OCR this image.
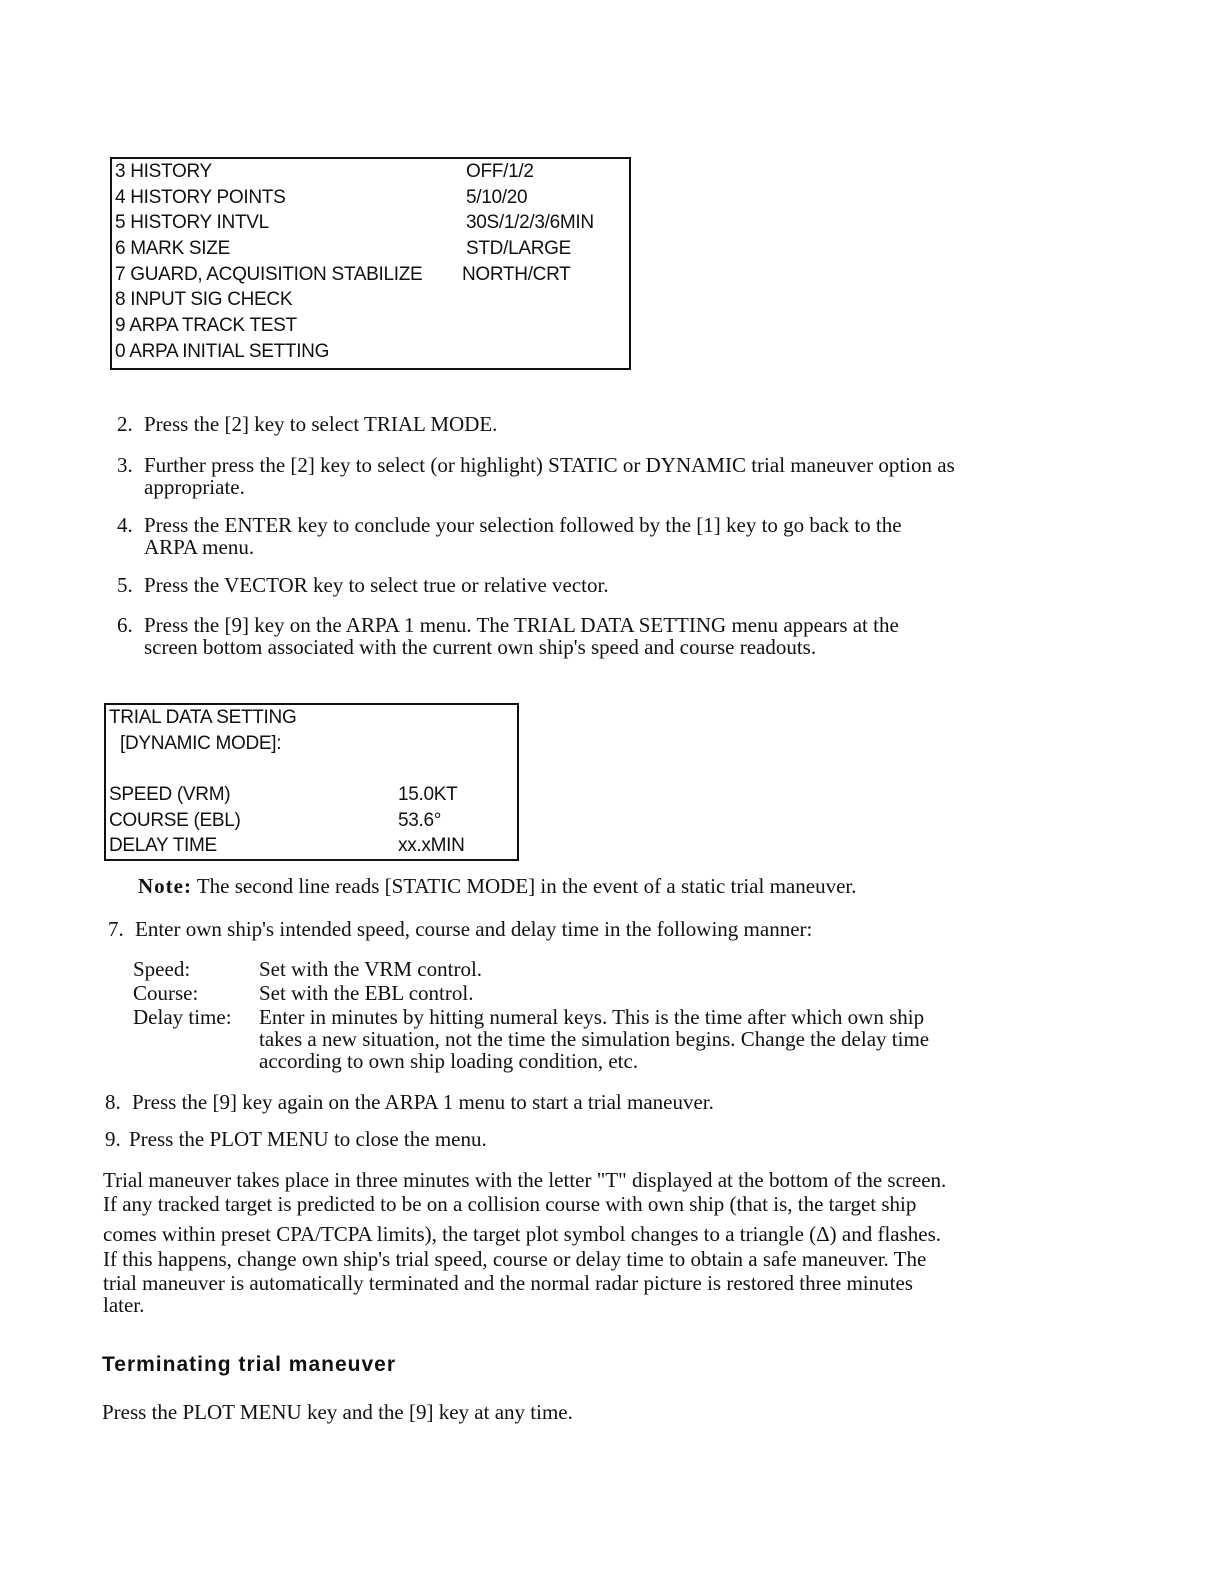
3 HISTORY	OFF/1/2
4 HISTORY POINTS	5/10/20
5 HISTORY INTVL	30S/1/2/3/6MIN
6 MARK SIZE	STD/LARGE
7 GUARD, ACQUISITION STABILIZE NORTH/CRT
8 INPUT SIG CHECK
9 ARPA TRACK TEST
0 ARPA INITIAL SETTING
2. Press the [2] key to select TRIAL MODE.
3. Further press the [2] key to select (or highlight) STATIC or DYNAMIC trial maneuver option as
appropriate.
4. Press the ENTER key to conclude your selection followed by the [1] key to go back to the
ARPA menu.
5. Press the VECTOR key to select true or relative vector.
6. Press the [9] key on the ARPA 1 menu. The TRIAL DATA SETTING menu appears at the
screen bottom associated with the current own ship's speed and course readouts.
TRIAL DATA SETTING
[DYNAMIC MODE]:
SPEED (VRM)	15.0KT
COURSE (EBL)	53.6°
DELAY TIME	xx.xMIN
Note: The second line reads [STATIC MODE] in the event of a static trial maneuver.
7. Enter own ship's intended speed, course and delay time in the following manner:
Speed:	Set with the VRM control.
Course:	Set with the EBL control.
Delay time: Enter in minutes by hitting numeral keys. This is the time after which own ship
takes a new situation, not the time the simulation begins. Change the delay time
according to own ship loading condition, etc.
8. Press the [9] key again on the ARPA 1 menu to start a trial maneuver.
9. Press the PLOT MENU to close the menu.
Trial maneuver takes place in three minutes with the letter "T" displayed at the bottom of the screen.
If any tracked target is predicted to be on a collision course with own ship (that is, the target ship
comes within preset CPA/TCPA limits), the target plot symbol changes to a triangle (Δ) and flashes.
If this happens, change own ship's trial speed, course or delay time to obtain a safe maneuver. The
trial maneuver is automatically terminated and the normal radar picture is restored three minutes
later.
Terminating trial maneuver
Press the PLOT MENU key and the [9] key at any time.
